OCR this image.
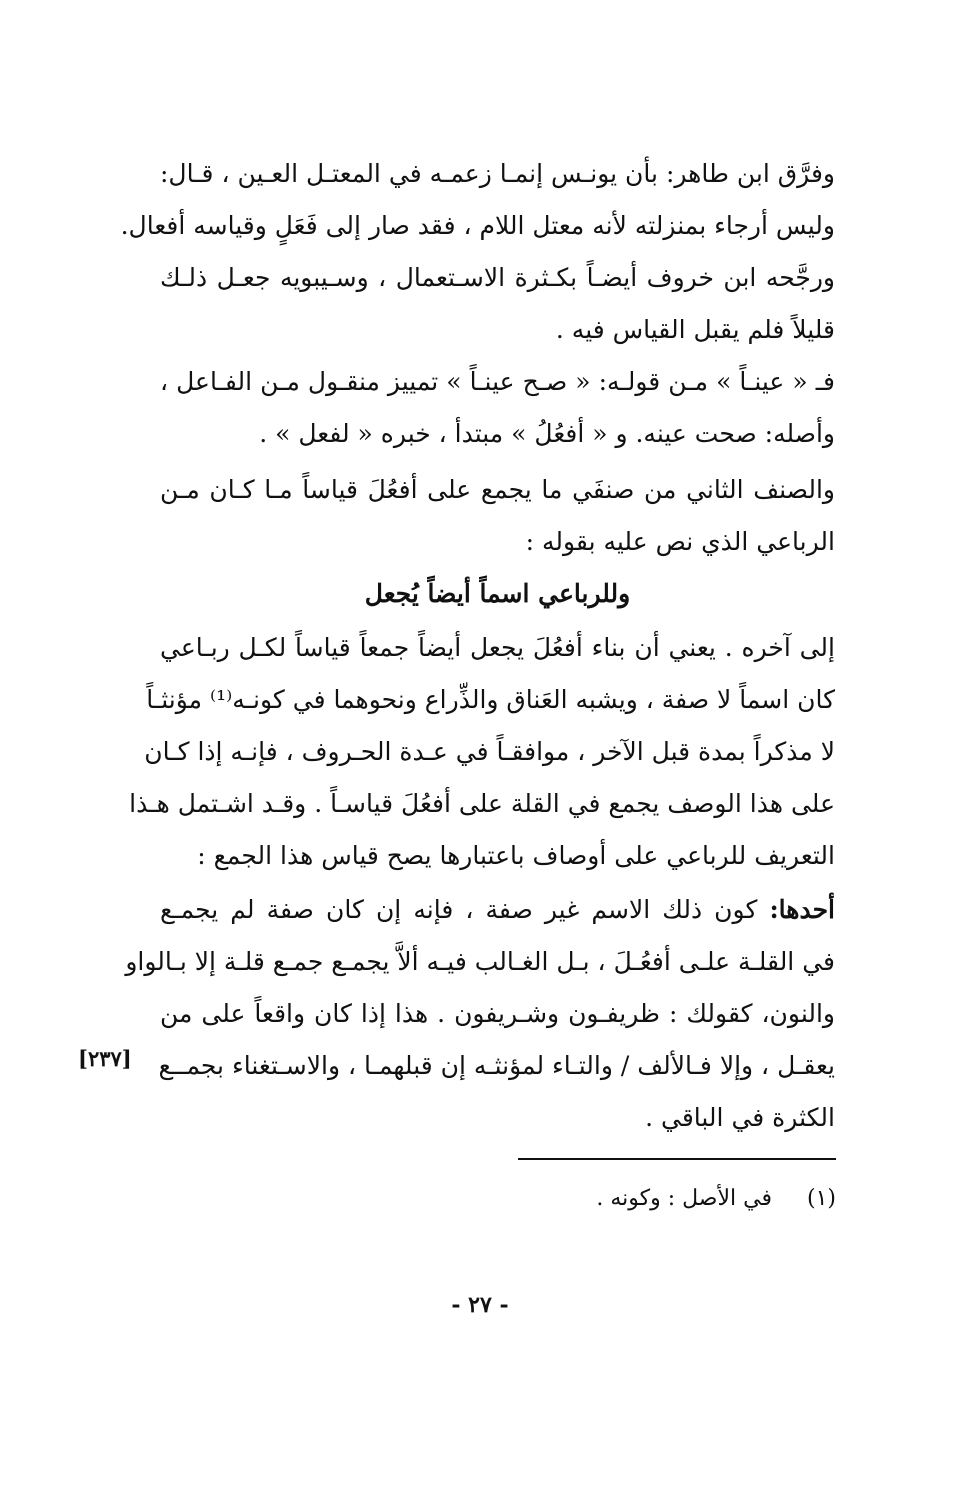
وفرَّق ابن طاهر: بأن يونـس إنمـا زعمـه في المعتـل العـين ، قـال:
وليس أرجاء بمنزلته لأنه معتل اللام ، فقد صار إلى فَعَلٍ وقياسه أفعال.
ورجَّحه ابن خروف أيضـاً بكـثرة الاسـتعمال ، وسـيبويه جعـل ذلـك
قليلاً فلم يقبل القياس فيه .
فـ « عينـاً » مـن قولـه: « صـح عينـاً » تمييز منقـول مـن الفـاعل ،
وأصله: صحت عينه. و « أفعُلُ » مبتدأ ، خبره « لفعل » .
والصنف الثاني من صنفَي ما يجمع على أفعُلَ قياساً مـا كـان مـن
الرباعي الذي نص عليه بقوله :
وللرباعي اسماً أيضاً يُجعل
إلى آخره . يعني أن بناء أفعُلَ يجعل أيضاً جمعاً قياساً لكـل ربـاعي
كان اسماً لا صفة ، ويشبه العَناق والذِّراع ونحوهما في كونـه⁽¹⁾ مؤنثـاً
لا مذكراً بمدة قبل الآخر ، موافقـاً في عـدة الحـروف ، فإنـه إذا كـان
على هذا الوصف يجمع في القلة على أفعُلَ قياسـاً . وقـد اشـتمل هـذا
التعريف للرباعي على أوصاف باعتبارها يصح قياس هذا الجمع :
أحدها: كون ذلك الاسم غير صفة ، فإنه إن كان صفة لم يجمـع
في القلـة علـى أفعُـلَ ، بـل الغـالب فيـه ألاَّ يجمـع جمـع قلـة إلا بـالواو
والنون، كقولك : ظريفـون وشـريفون . هذا إذا كان واقعاً على من
يعقـل ، وإلا فـالألف / والتـاء لمؤنثـه إن قبلهمـا ، والاسـتغناء بجمــع
الكثرة في الباقي .
[٢٣٧]
(١)     في الأصل : وكونه .
- ٢٧ -
